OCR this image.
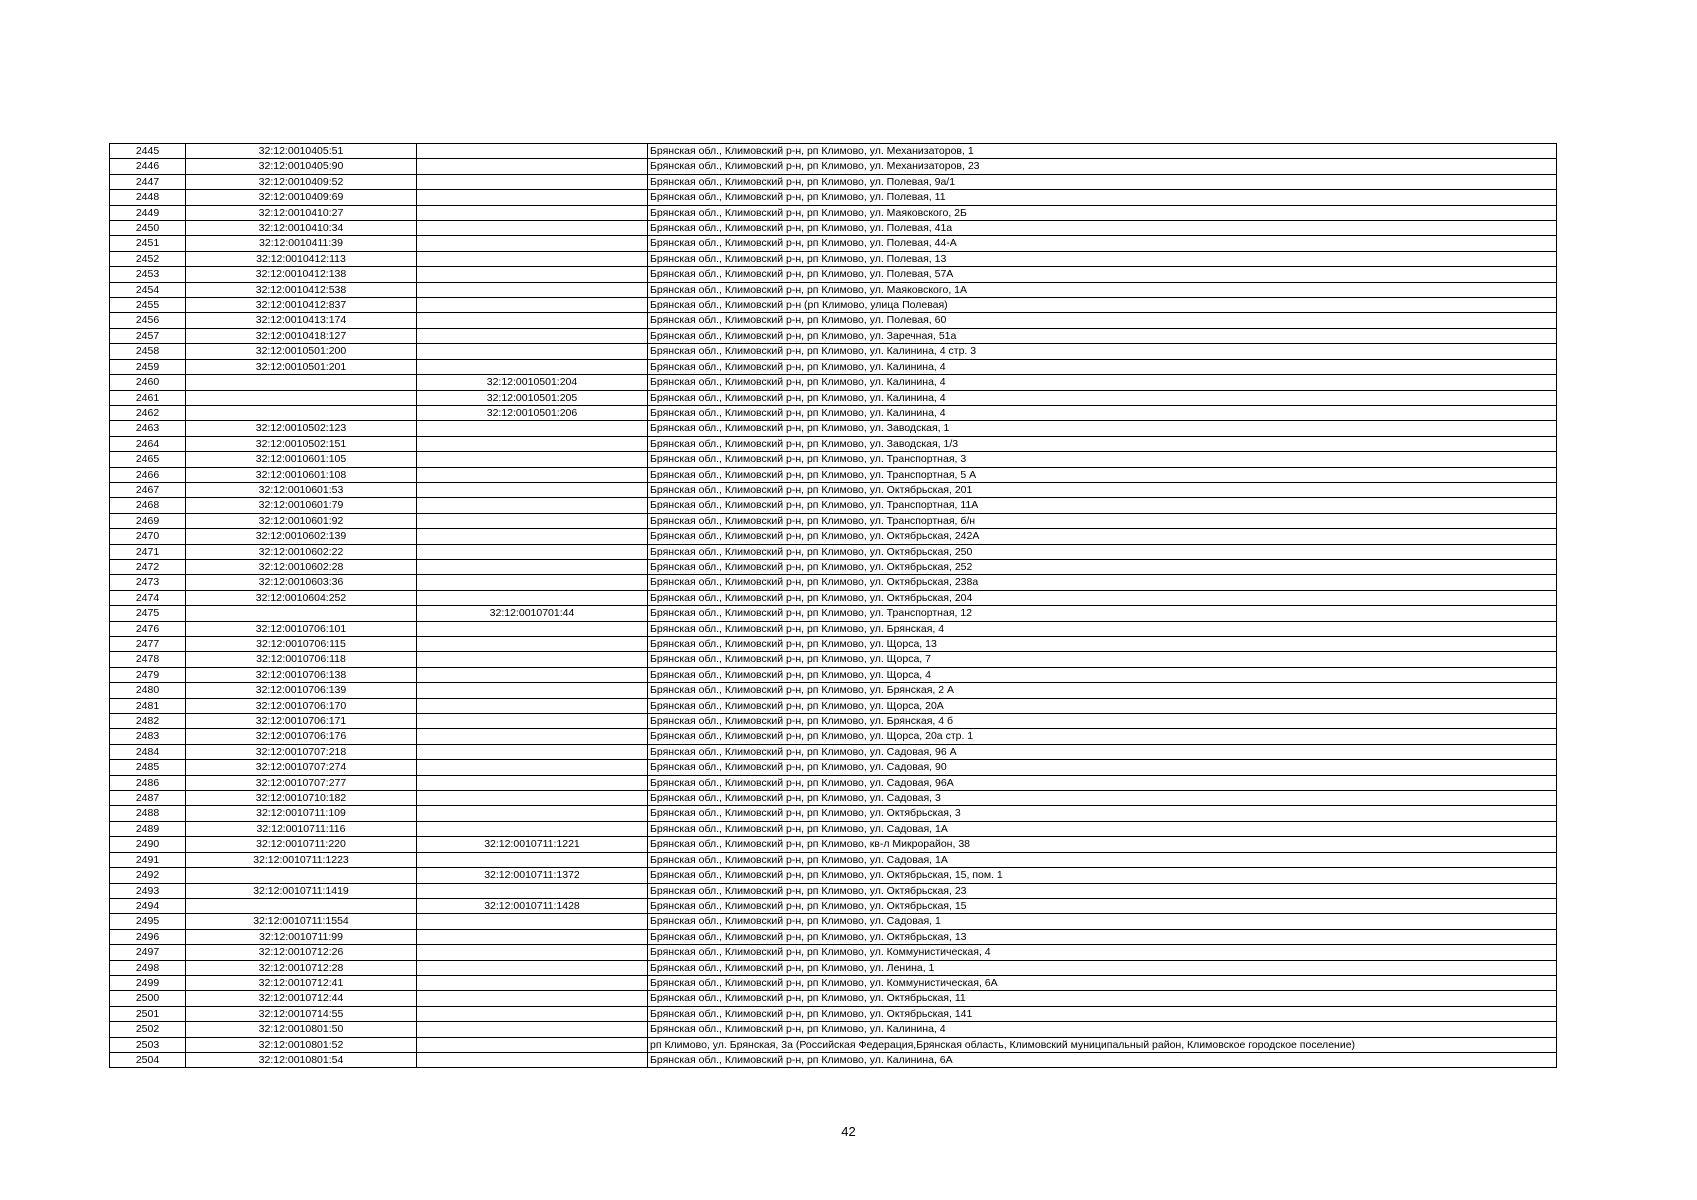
2445	32:12:0010405:51		Брянская обл., Климовский р-н, рп Климово, ул. Механизаторов, 1
2446	32:12:0010405:90		Брянская обл., Климовский р-н, рп Климово, ул. Механизаторов, 23
2447	32:12:0010409:52		Брянская обл., Климовский р-н, рп Климово, ул. Полевая, 9а/1
2448	32:12:0010409:69		Брянская обл., Климовский р-н, рп Климово, ул. Полевая, 11
2449	32:12:0010410:27		Брянская обл., Климовский р-н, рп Климово, ул. Маяковского, 2Б
2450	32:12:0010410:34		Брянская обл., Климовский р-н, рп Климово, ул. Полевая, 41а
2451	32:12:0010411:39		Брянская обл., Климовский р-н, рп Климово, ул. Полевая, 44-А
2452	32:12:0010412:113		Брянская обл., Климовский р-н, рп Климово, ул. Полевая, 13
2453	32:12:0010412:138		Брянская обл., Климовский р-н, рп Климово, ул. Полевая, 57А
2454	32:12:0010412:538		Брянская обл., Климовский р-н, рп Климово, ул. Маяковского, 1А
2455	32:12:0010412:837		Брянская обл., Климовский р-н (рп Климово, улица Полевая)
2456	32:12:0010413:174		Брянская обл., Климовский р-н, рп Климово, ул. Полевая, 60
2457	32:12:0010418:127		Брянская обл., Климовский р-н, рп Климово, ул. Заречная, 51а
2458	32:12:0010501:200		Брянская обл., Климовский р-н, рп Климово, ул. Калинина, 4 стр. 3
2459	32:12:0010501:201		Брянская обл., Климовский р-н, рп Климово, ул. Калинина, 4
2460		32:12:0010501:204	Брянская обл., Климовский р-н, рп Климово, ул. Калинина, 4
2461		32:12:0010501:205	Брянская обл., Климовский р-н, рп Климово, ул. Калинина, 4
2462		32:12:0010501:206	Брянская обл., Климовский р-н, рп Климово, ул. Калинина, 4
2463	32:12:0010502:123		Брянская обл., Климовский р-н, рп Климово, ул. Заводская, 1
2464	32:12:0010502:151		Брянская обл., Климовский р-н, рп Климово, ул. Заводская, 1/3
2465	32:12:0010601:105		Брянская обл., Климовский р-н, рп Климово, ул. Транспортная, 3
2466	32:12:0010601:108		Брянская обл., Климовский р-н, рп Климово, ул. Транспортная, 5 А
2467	32:12:0010601:53		Брянская обл., Климовский р-н, рп Климово, ул. Октябрьская, 201
2468	32:12:0010601:79		Брянская обл., Климовский р-н, рп Климово, ул. Транспортная, 11А
2469	32:12:0010601:92		Брянская обл., Климовский р-н, рп Климово, ул. Транспортная, б/н
2470	32:12:0010602:139		Брянская обл., Климовский р-н, рп Климово, ул. Октябрьская, 242А
2471	32:12:0010602:22		Брянская обл., Климовский р-н, рп Климово, ул. Октябрьская, 250
2472	32:12:0010602:28		Брянская обл., Климовский р-н, рп Климово, ул. Октябрьская, 252
2473	32:12:0010603:36		Брянская обл., Климовский р-н, рп Климово, ул. Октябрьская, 238а
2474	32:12:0010604:252		Брянская обл., Климовский р-н, рп Климово, ул. Октябрьская, 204
2475		32:12:0010701:44	Брянская обл., Климовский р-н, рп Климово, ул. Транспортная, 12
2476	32:12:0010706:101		Брянская обл., Климовский р-н, рп Климово, ул. Брянская, 4
2477	32:12:0010706:115		Брянская обл., Климовский р-н, рп Климово, ул. Щорса, 13
2478	32:12:0010706:118		Брянская обл., Климовский р-н, рп Климово, ул. Щорса, 7
2479	32:12:0010706:138		Брянская обл., Климовский р-н, рп Климово, ул. Щорса, 4
2480	32:12:0010706:139		Брянская обл., Климовский р-н, рп Климово, ул. Брянская, 2 А
2481	32:12:0010706:170		Брянская обл., Климовский р-н, рп Климово, ул. Щорса, 20А
2482	32:12:0010706:171		Брянская обл., Климовский р-н, рп Климово, ул. Брянская, 4 б
2483	32:12:0010706:176		Брянская обл., Климовский р-н, рп Климово, ул. Щорса, 20а стр. 1
2484	32:12:0010707:218		Брянская обл., Климовский р-н, рп Климово, ул. Садовая, 96 А
2485	32:12:0010707:274		Брянская обл., Климовский р-н, рп Климово, ул. Садовая, 90
2486	32:12:0010707:277		Брянская обл., Климовский р-н, рп Климово, ул. Садовая, 96А
2487	32:12:0010710:182		Брянская обл., Климовский р-н, рп Климово, ул. Садовая, 3
2488	32:12:0010711:109		Брянская обл., Климовский р-н, рп Климово, ул. Октябрьская, 3
2489	32:12:0010711:116		Брянская обл., Климовский р-н, рп Климово, ул. Садовая, 1А
2490	32:12:0010711:220	32:12:0010711:1221	Брянская обл., Климовский р-н, рп Климово, кв-л Микрорайон, 38
2491	32:12:0010711:1223		Брянская обл., Климовский р-н, рп Климово, ул. Садовая, 1А
2492		32:12:0010711:1372	Брянская обл., Климовский р-н, рп Климово, ул. Октябрьская, 15, пом. 1
2493	32:12:0010711:1419		Брянская обл., Климовский р-н, рп Климово, ул. Октябрьская, 23
2494		32:12:0010711:1428	Брянская обл., Климовский р-н, рп Климово, ул. Октябрьская, 15
2495	32:12:0010711:1554		Брянская обл., Климовский р-н, рп Климово, ул. Садовая, 1
2496	32:12:0010711:99		Брянская обл., Климовский р-н, рп Климово, ул. Октябрьская, 13
2497	32:12:0010712:26		Брянская обл., Климовский р-н, рп Климово, ул. Коммунистическая, 4
2498	32:12:0010712:28		Брянская обл., Климовский р-н, рп Климово, ул. Ленина, 1
2499	32:12:0010712:41		Брянская обл., Климовский р-н, рп Климово, ул. Коммунистическая, 6А
2500	32:12:0010712:44		Брянская обл., Климовский р-н, рп Климово, ул. Октябрьская, 11
2501	32:12:0010714:55		Брянская обл., Климовский р-н, рп Климово, ул. Октябрьская, 141
2502	32:12:0010801:50		Брянская обл., Климовский р-н, рп Климово, ул. Калинина, 4
2503	32:12:0010801:52		рп Климово, ул. Брянская, 3а (Российская Федерация,Брянская область, Климовский муниципальный район, Климовское городское поселение)
2504	32:12:0010801:54		Брянская обл., Климовский р-н, рп Климово, ул. Калинина, 6А
42
